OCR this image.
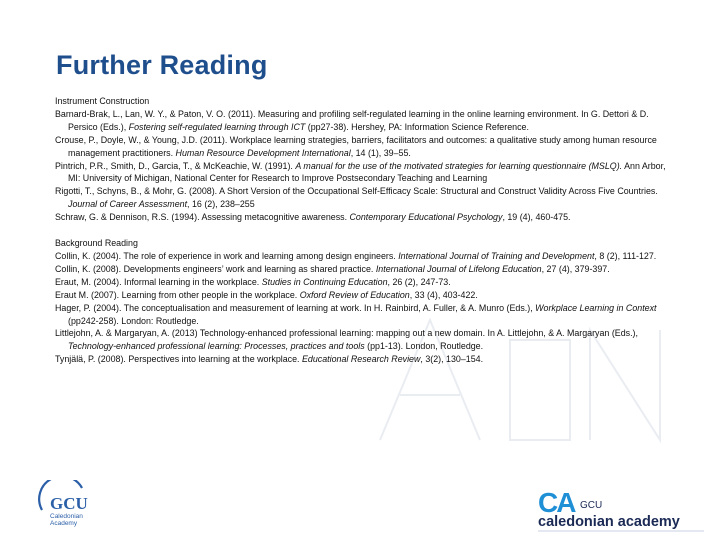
Further Reading
Instrument Construction
Barnard-Brak, L., Lan, W. Y., & Paton, V. O. (2011). Measuring and profiling self-regulated learning in the online learning environment. In G. Dettori & D. Persico (Eds.), Fostering self-regulated learning through ICT (pp27-38). Hershey, PA: Information Science Reference.
Crouse, P., Doyle, W., & Young, J.D. (2011). Workplace learning strategies, barriers, facilitators and outcomes: a qualitative study among human resource management practitioners. Human Resource Development International, 14 (1), 39–55.
Pintrich, P.R., Smith, D., Garcia, T., & McKeachie, W. (1991). A manual for the use of the motivated strategies for learning questionnaire (MSLQ). Ann Arbor, MI: University of Michigan, National Center for Research to Improve Postsecondary Teaching and Learning
Rigotti, T., Schyns, B., & Mohr, G. (2008). A Short Version of the Occupational Self-Efficacy Scale: Structural and Construct Validity Across Five Countries. Journal of Career Assessment, 16 (2), 238–255
Schraw, G. & Dennison, R.S. (1994). Assessing metacognitive awareness. Contemporary Educational Psychology, 19 (4), 460-475.
Background Reading
Collin, K. (2004). The role of experience in work and learning among design engineers. International Journal of Training and Development, 8 (2), 111-127.
Collin, K. (2008). Developments engineers’ work and learning as shared practice. International Journal of Lifelong Education, 27 (4), 379-397.
Eraut, M. (2004). Informal learning in the workplace. Studies in Continuing Education, 26 (2), 247-73.
Eraut M. (2007). Learning from other people in the workplace. Oxford Review of Education, 33 (4), 403-422.
Hager, P. (2004). The conceptualisation and measurement of learning at work. In H. Rainbird, A. Fuller, & A. Munro (Eds.), Workplace Learning in Context (pp242-258). London: Routledge.
Littlejohn, A. & Margaryan, A. (2013) Technology-enhanced professional learning: mapping out a new domain. In A. Littlejohn, & A. Margaryan (Eds.), Technology-enhanced professional learning: Processes, practices and tools (pp1-13). London, Routledge.
Tynjälä, P. (2008). Perspectives into learning at the workplace. Educational Research Review, 3(2), 130–154.
GCU
Caledonian
Academy
CA GCU
caledonian academy
